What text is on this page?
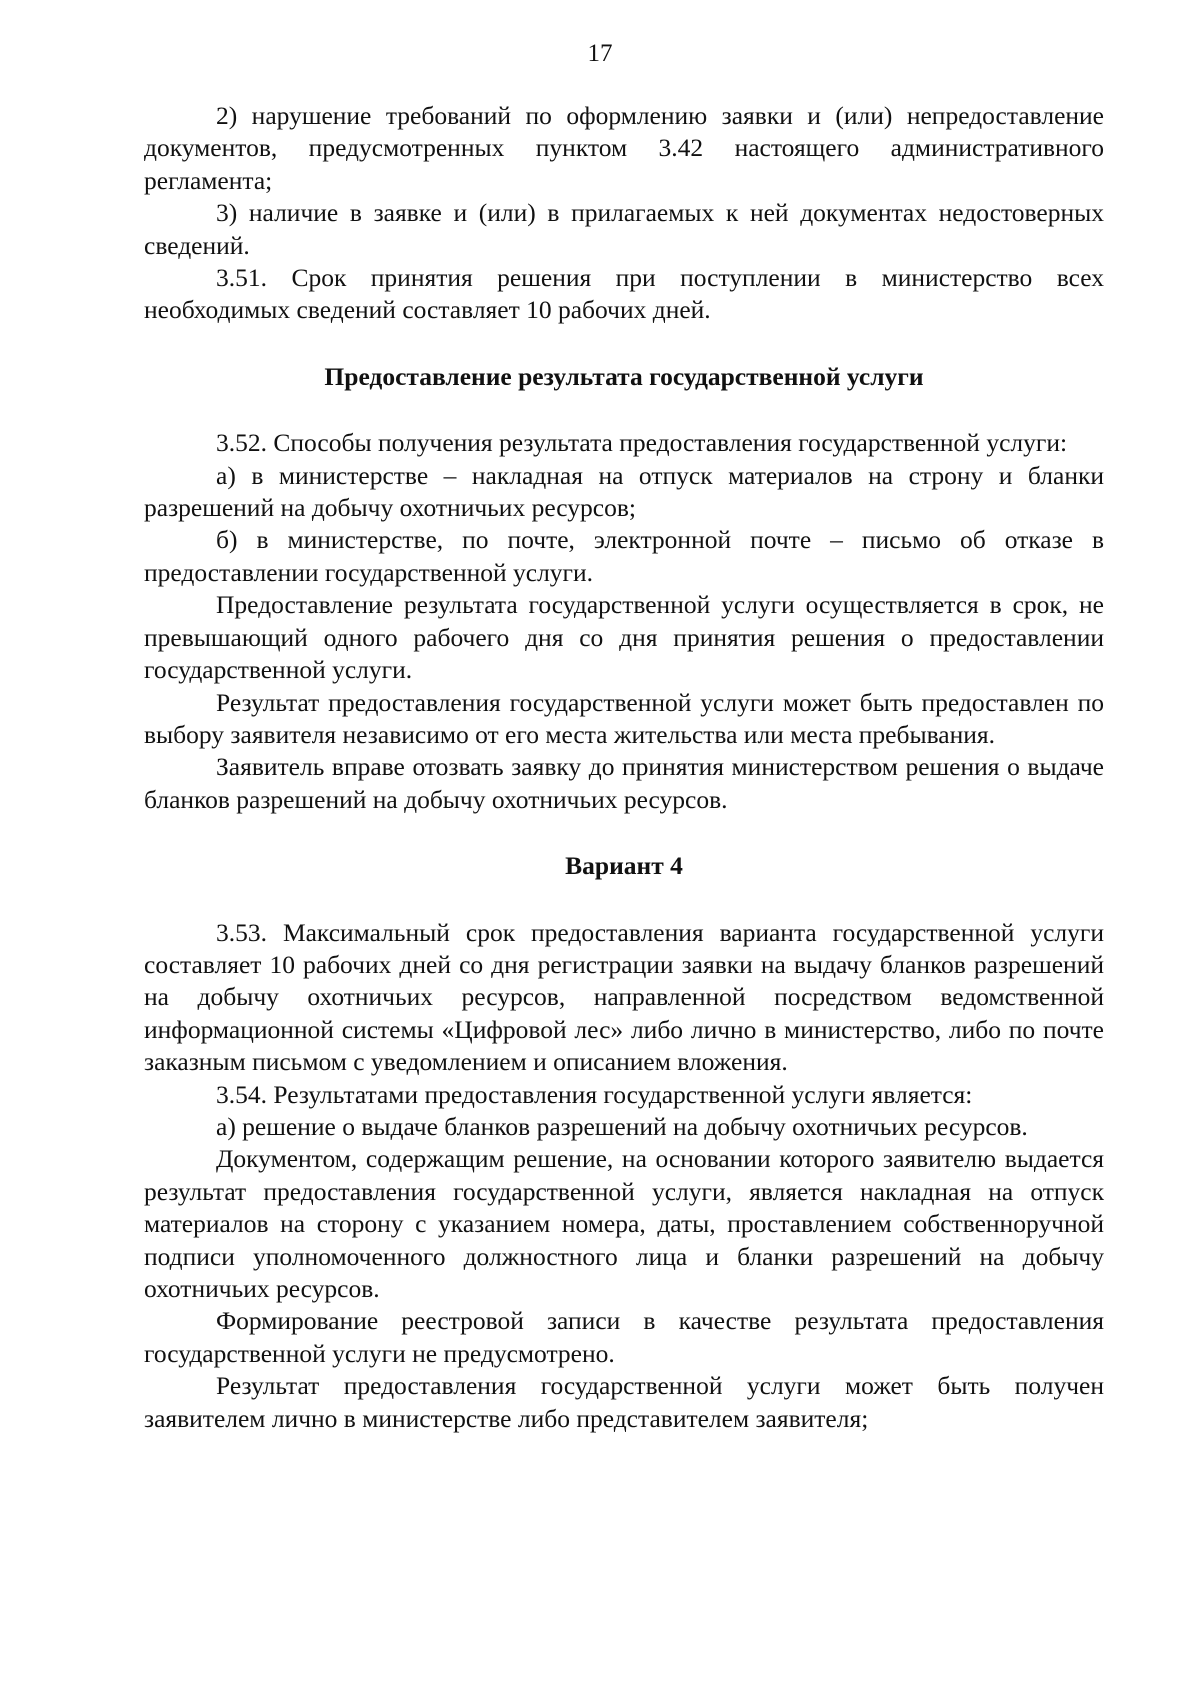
17

2) нарушение требований по оформлению заявки и (или) непредоставление документов, предусмотренных пунктом 3.42 настоящего административного регламента;

3) наличие в заявке и (или) в прилагаемых к ней документах недостоверных сведений.

3.51. Срок принятия решения при поступлении в министерство всех необходимых сведений составляет 10 рабочих дней.

Предоставление результата государственной услуги

3.52. Способы получения результата предоставления государственной услуги:

а) в министерстве – накладная на отпуск материалов на строну и бланки разрешений на добычу охотничьих ресурсов;

б) в министерстве, по почте, электронной почте – письмо об отказе в предоставлении государственной услуги.

Предоставление результата государственной услуги осуществляется в срок, не превышающий одного рабочего дня со дня принятия решения о предоставлении государственной услуги.

Результат предоставления государственной услуги может быть предоставлен по выбору заявителя независимо от его места жительства или места пребывания.

Заявитель вправе отозвать заявку до принятия министерством решения о выдаче бланков разрешений на добычу охотничьих ресурсов.

Вариант 4

3.53. Максимальный срок предоставления варианта государственной услуги составляет 10 рабочих дней со дня регистрации заявки на выдачу бланков разрешений на добычу охотничьих ресурсов, направленной посредством ведомственной информационной системы «Цифровой лес» либо лично в министерство, либо по почте заказным письмом с уведомлением и описанием вложения.

3.54. Результатами предоставления государственной услуги является:

а) решение о выдаче бланков разрешений на добычу охотничьих ресурсов.

Документом, содержащим решение, на основании которого заявителю выдается результат предоставления государственной услуги, является накладная на отпуск материалов на сторону с указанием номера, даты, проставлением собственноручной подписи уполномоченного должностного лица и бланки разрешений на добычу охотничьих ресурсов.

Формирование реестровой записи в качестве результата предоставления государственной услуги не предусмотрено.

Результат предоставления государственной услуги может быть получен заявителем лично в министерстве либо представителем заявителя;
